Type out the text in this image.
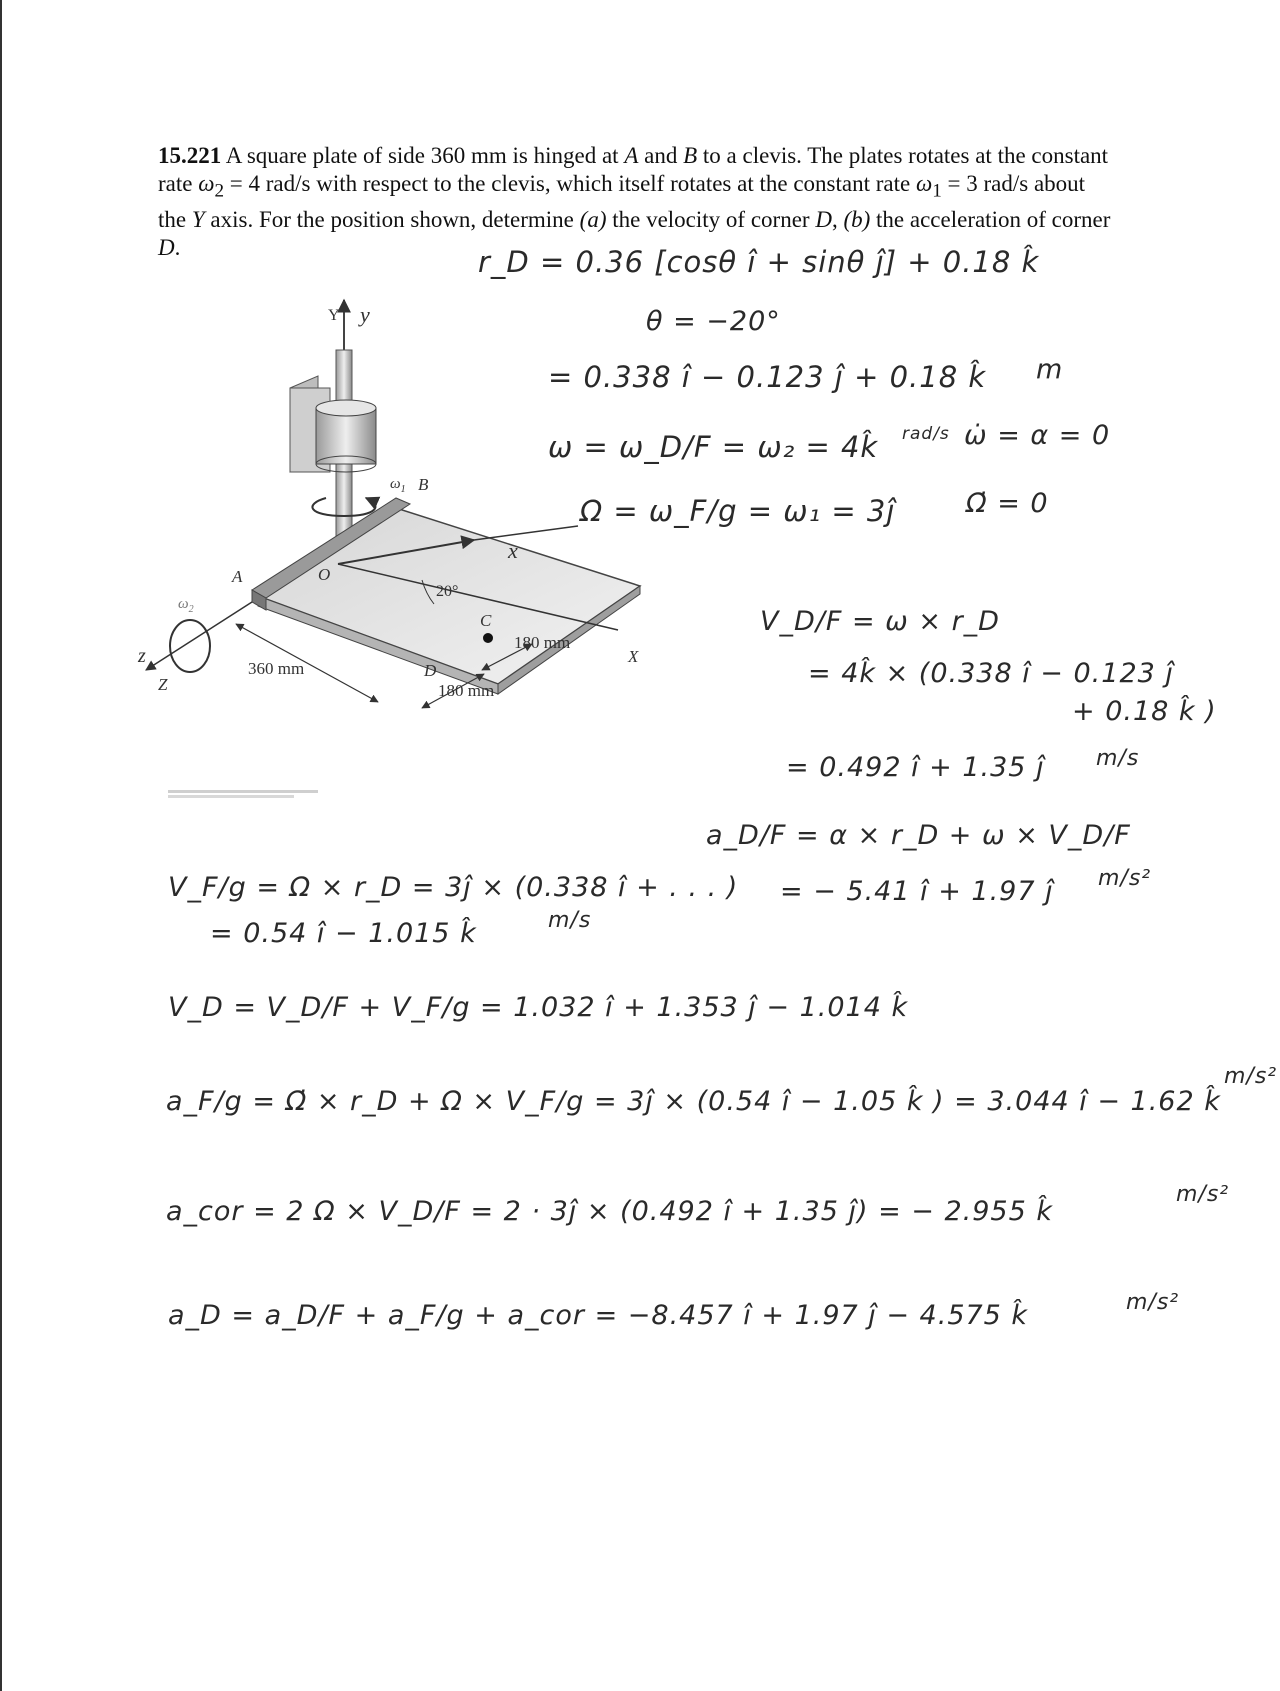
15.221 A square plate of side 360 mm is hinged at A and B to a clevis. The plates rotates at the constant rate $\omega_2 = 4$ rad/s with respect to the clevis, which itself rotates at the constant rate $\omega_1 = 3$ rad/s about the Y axis. For the position shown, determine (a) the velocity of corner D, (b) the acceleration of corner D.
$\omega_1$ B
A	O
X
x
20°
C
D
360 mm
180 mm
180 mm
Z
$\omega_2$
z
Y y
r_D = 0.36 [cosθ î + sinθ ĵ] + 0.18 k̂
θ = −20°
= 0.338 î − 0.123 ĵ + 0.18 k̂ m
ω = ω_D/F = ω₂ = 4k̂ rad/s ω̇ = α = 0
Ω = ω_F/g = ω₁ = 3ĵ	Ω̇ = 0
V_D/F = ω × r_D
= 4k̂ × (0.338 î − 0.123 ĵ
+ 0.18 k̂ )
= 0.492 î + 1.35 ĵ m/s
a_D/F = α × r_D + ω × V_D/F
= − 5.41 î + 1.97 ĵ m/s²
V_F/g = Ω × r_D = 3ĵ × (0.338 î + . . . )
= 0.54 î − 1.015 k̂	m/s
V_D = V_D/F + V_F/g = 1.032 î + 1.353 ĵ − 1.014 k̂
a_F/g = Ω̇ × r_D + Ω × V_F/g = 3ĵ × (0.54 î − 1.05 k̂ ) = 3.044 î − 1.62 k̂
m/s²
a_cor = 2 Ω × V_D/F = 2 · 3ĵ × (0.492 î + 1.35 ĵ) = − 2.955 k̂
m/s²
a_D = a_D/F + a_F/g + a_cor = −8.457 î + 1.97 ĵ − 4.575 k̂	m/s²
